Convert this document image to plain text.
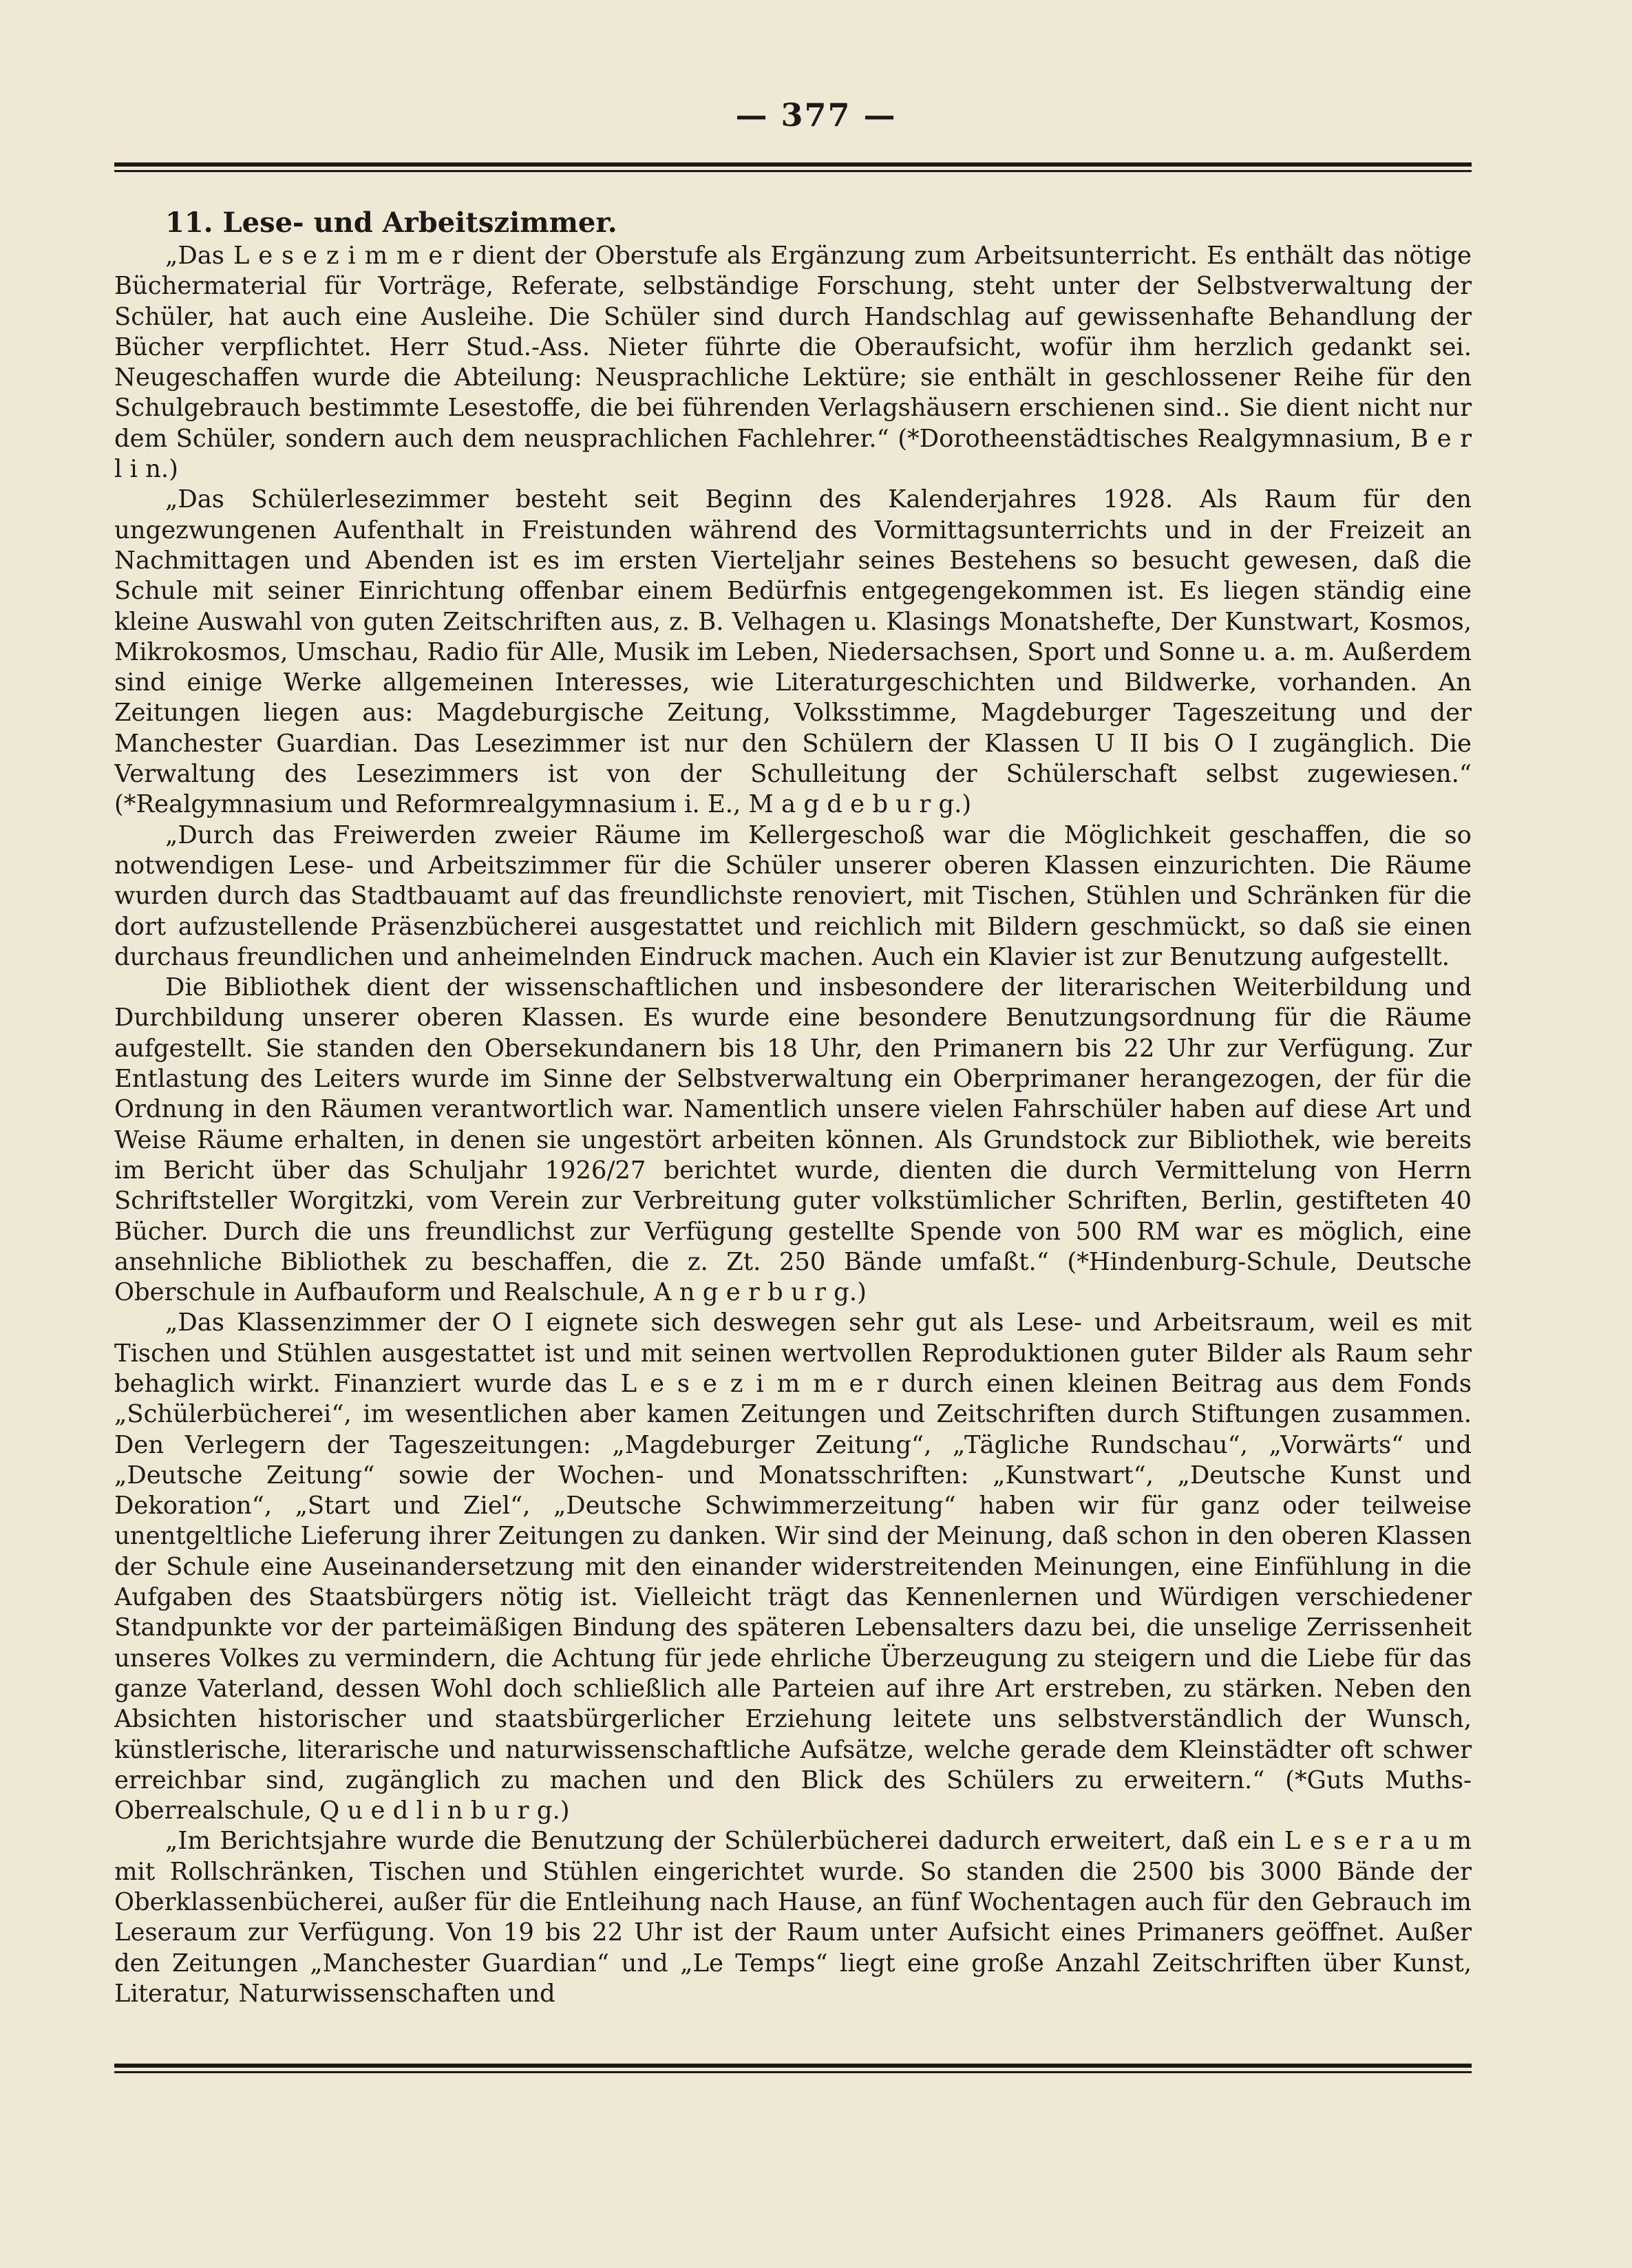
— 377 —
11. Lese- und Arbeitszimmer.

„Das L e s e z i m m e r dient der Oberstufe als Ergänzung zum Arbeitsunterricht. Es enthält das nötige Büchermaterial für Vorträge, Referate, selbständige Forschung, steht unter der Selbstverwaltung der Schüler, hat auch eine Ausleihe. Die Schüler sind durch Handschlag auf gewissenhafte Behandlung der Bücher verpflichtet. Herr Stud.-Ass. Nieter führte die Oberaufsicht, wofür ihm herzlich gedankt sei. Neugeschaffen wurde die Abteilung: Neusprachliche Lektüre; sie enthält in geschlossener Reihe für den Schulgebrauch bestimmte Lesestoffe, die bei führenden Verlagshäusern erschienen sind.. Sie dient nicht nur dem Schüler, sondern auch dem neusprachlichen Fachlehrer.“ (*Dorotheenstädtisches Realgymnasium, B e r l i n.)

„Das Schülerlesezimmer besteht seit Beginn des Kalenderjahres 1928. Als Raum für den ungezwungenen Aufenthalt in Freistunden während des Vormittagsunterrichts und in der Freizeit an Nachmittagen und Abenden ist es im ersten Vierteljahr seines Bestehens so besucht gewesen, daß die Schule mit seiner Einrichtung offenbar einem Bedürfnis entgegengekommen ist. Es liegen ständig eine kleine Auswahl von guten Zeitschriften aus, z. B. Velhagen u. Klasings Monatshefte, Der Kunstwart, Kosmos, Mikrokosmos, Umschau, Radio für Alle, Musik im Leben, Niedersachsen, Sport und Sonne u. a. m. Außerdem sind einige Werke allgemeinen Interesses, wie Literaturgeschichten und Bildwerke, vorhanden. An Zeitungen liegen aus: Magdeburgische Zeitung, Volksstimme, Magdeburger Tageszeitung und der Manchester Guardian. Das Lesezimmer ist nur den Schülern der Klassen U II bis O I zugänglich. Die Verwaltung des Lesezimmers ist von der Schulleitung der Schülerschaft selbst zugewiesen.“ (*Realgymnasium und Reformrealgymnasium i. E., M a g d e b u r g.)

„Durch das Freiwerden zweier Räume im Kellergeschoß war die Möglichkeit geschaffen, die so notwendigen Lese- und Arbeitszimmer für die Schüler unserer oberen Klassen einzurichten. Die Räume wurden durch das Stadtbauamt auf das freundlichste renoviert, mit Tischen, Stühlen und Schränken für die dort aufzustellende Präsenzbücherei ausgestattet und reichlich mit Bildern geschmückt, so daß sie einen durchaus freundlichen und anheimelnden Eindruck machen. Auch ein Klavier ist zur Benutzung aufgestellt.

Die Bibliothek dient der wissenschaftlichen und insbesondere der literarischen Weiterbildung und Durchbildung unserer oberen Klassen. Es wurde eine besondere Benutzungsordnung für die Räume aufgestellt. Sie standen den Obersekundanern bis 18 Uhr, den Primanern bis 22 Uhr zur Verfügung. Zur Entlastung des Leiters wurde im Sinne der Selbstverwaltung ein Oberprimaner herangezogen, der für die Ordnung in den Räumen verantwortlich war. Namentlich unsere vielen Fahrschüler haben auf diese Art und Weise Räume erhalten, in denen sie ungestört arbeiten können. Als Grundstock zur Bibliothek, wie bereits im Bericht über das Schuljahr 1926/27 berichtet wurde, dienten die durch Vermittelung von Herrn Schriftsteller Worgitzki, vom Verein zur Verbreitung guter volkstümlicher Schriften, Berlin, gestifteten 40 Bücher. Durch die uns freundlichst zur Verfügung gestellte Spende von 500 RM war es möglich, eine ansehnliche Bibliothek zu beschaffen, die z. Zt. 250 Bände umfaßt.“ (*Hindenburg-Schule, Deutsche Oberschule in Aufbauform und Realschule, A n g e r b u r g.)

„Das Klassenzimmer der O I eignete sich deswegen sehr gut als Lese- und Arbeitsraum, weil es mit Tischen und Stühlen ausgestattet ist und mit seinen wertvollen Reproduktionen guter Bilder als Raum sehr behaglich wirkt. Finanziert wurde das L e s e z i m m e r durch einen kleinen Beitrag aus dem Fonds „Schülerbücherei“, im wesentlichen aber kamen Zeitungen und Zeitschriften durch Stiftungen zusammen. Den Verlegern der Tageszeitungen: „Magdeburger Zeitung“, „Tägliche Rundschau“, „Vorwärts“ und „Deutsche Zeitung“ sowie der Wochen- und Monatsschriften: „Kunstwart“, „Deutsche Kunst und Dekoration“, „Start und Ziel“, „Deutsche Schwimmerzeitung“ haben wir für ganz oder teilweise unentgeltliche Lieferung ihrer Zeitungen zu danken. Wir sind der Meinung, daß schon in den oberen Klassen der Schule eine Auseinandersetzung mit den einander widerstreitenden Meinungen, eine Einfühlung in die Aufgaben des Staatsbürgers nötig ist. Vielleicht trägt das Kennenlernen und Würdigen verschiedener Standpunkte vor der parteimäßigen Bindung des späteren Lebensalters dazu bei, die unselige Zerrissenheit unseres Volkes zu vermindern, die Achtung für jede ehrliche Überzeugung zu steigern und die Liebe für das ganze Vaterland, dessen Wohl doch schließlich alle Parteien auf ihre Art erstreben, zu stärken. Neben den Absichten historischer und staatsbürgerlicher Erziehung leitete uns selbstverständlich der Wunsch, künstlerische, literarische und naturwissenschaftliche Aufsätze, welche gerade dem Kleinstädter oft schwer erreichbar sind, zugänglich zu machen und den Blick des Schülers zu erweitern.“ (*Guts Muths-Oberrealschule, Q u e d l i n b u r g.)

„Im Berichtsjahre wurde die Benutzung der Schülerbücherei dadurch erweitert, daß ein L e s e r a u m mit Rollschränken, Tischen und Stühlen eingerichtet wurde. So standen die 2500 bis 3000 Bände der Oberklassenbücherei, außer für die Entleihung nach Hause, an fünf Wochentagen auch für den Gebrauch im Leseraum zur Verfügung. Von 19 bis 22 Uhr ist der Raum unter Aufsicht eines Primaners geöffnet. Außer den Zeitungen „Manchester Guardian“ und „Le Temps“ liegt eine große Anzahl Zeitschriften über Kunst, Literatur, Naturwissenschaften und
